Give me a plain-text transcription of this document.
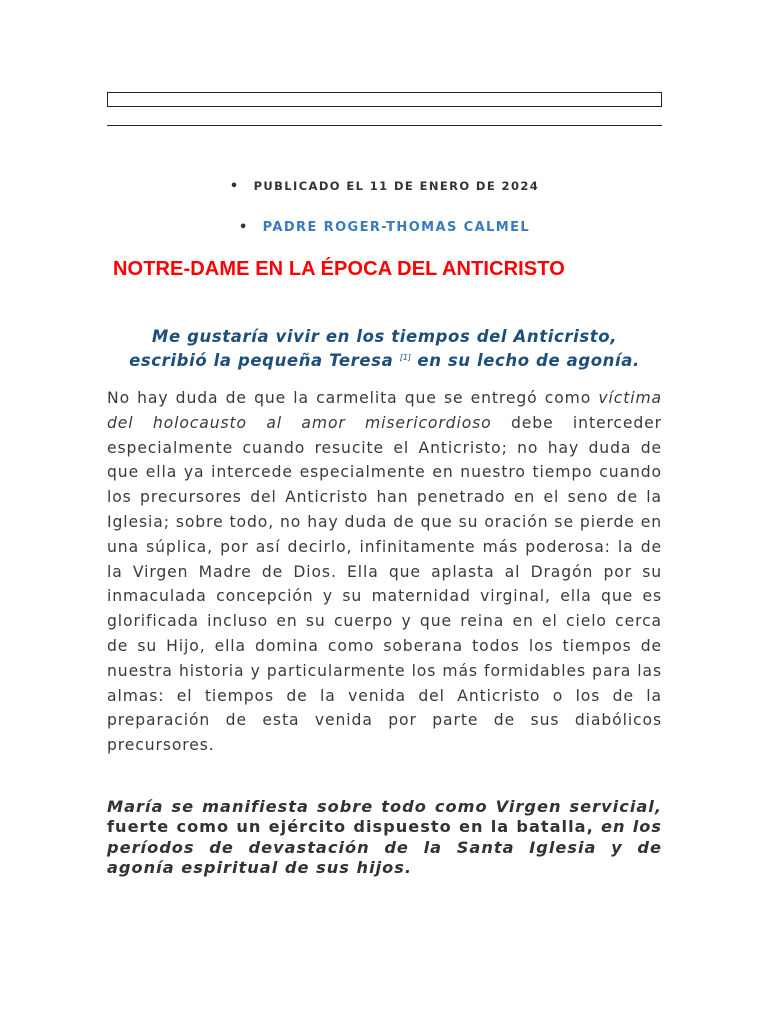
• PUBLICADO EL 11 DE ENERO DE 2024
• PADRE ROGER-THOMAS CALMEL
NOTRE-DAME EN LA ÉPOCA DEL ANTICRISTO
Me gustaría vivir en los tiempos del Anticristo,
escribió la pequeña Teresa [1] en su lecho de agonía.

No hay duda de que la carmelita que se entregó como víctima del holocausto al amor misericordioso debe interceder especialmente cuando resucite el Anticristo; no hay duda de que ella ya intercede especialmente en nuestro tiempo cuando los precursores del Anticristo han penetrado en el seno de la Iglesia; sobre todo, no hay duda de que su oración se pierde en una súplica, por así decirlo, infinitamente más poderosa: la de la Virgen Madre de Dios. Ella que aplasta al Dragón por su inmaculada concepción y su maternidad virginal, ella que es glorificada incluso en su cuerpo y que reina en el cielo cerca de su Hijo, ella domina como soberana todos los tiempos de nuestra historia y particularmente los más formidables para las almas: el tiempos de la venida del Anticristo o los de la preparación de esta venida por parte de sus diabólicos precursores.

María se manifiesta sobre todo como Virgen servicial, fuerte como un ejército dispuesto en la batalla, en los períodos de devastación de la Santa Iglesia y de agonía espiritual de sus hijos.
